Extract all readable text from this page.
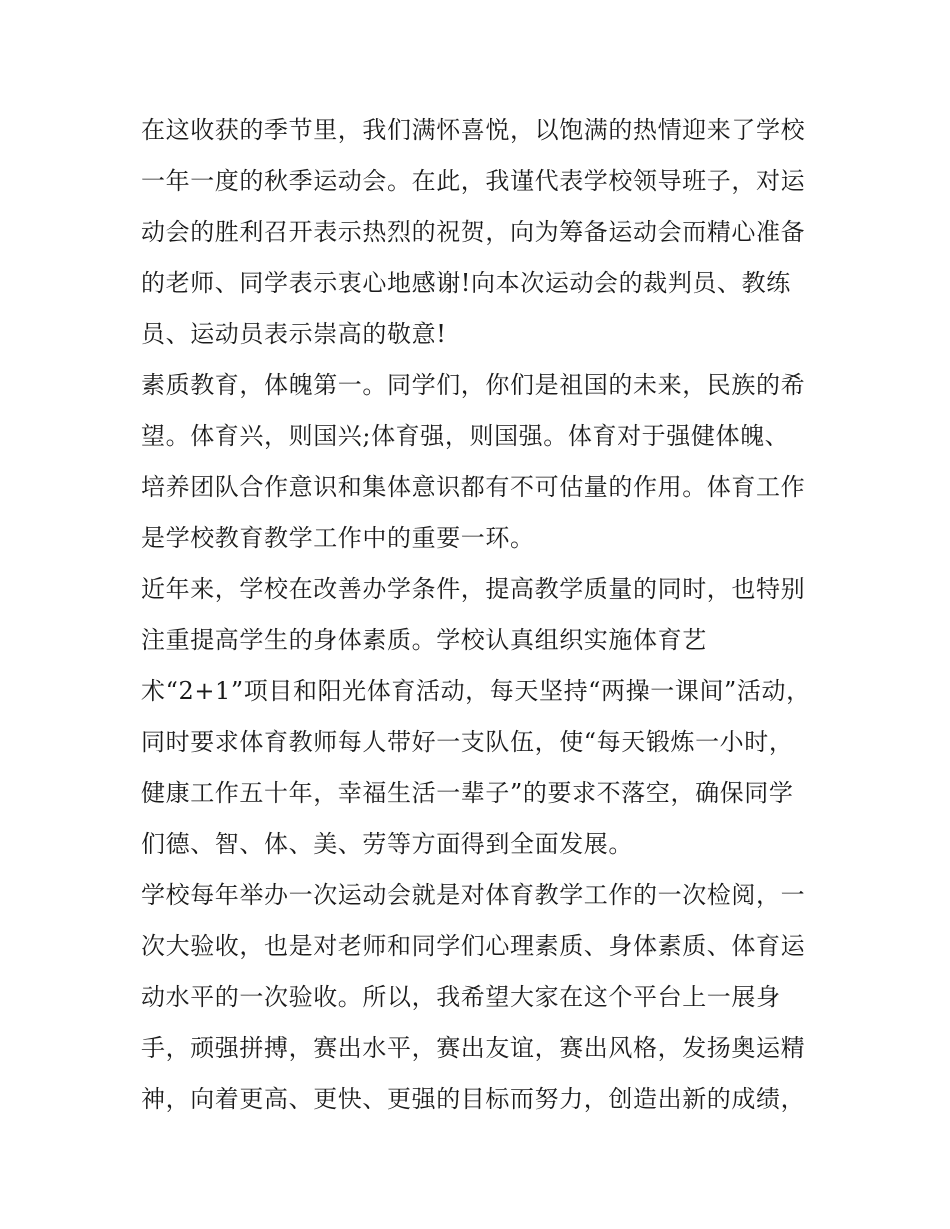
在这收获的季节里，我们满怀喜悦，以饱满的热情迎来了学校
一年一度的秋季运动会。在此，我谨代表学校领导班子，对运
动会的胜利召开表示热烈的祝贺，向为筹备运动会而精心准备
的老师、同学表示衷心地感谢!向本次运动会的裁判员、教练
员、运动员表示崇高的敬意!
素质教育，体魄第一。同学们，你们是祖国的未来，民族的希
望。体育兴，则国兴;体育强，则国强。体育对于强健体魄、
培养团队合作意识和集体意识都有不可估量的作用。体育工作
是学校教育教学工作中的重要一环。
近年来，学校在改善办学条件，提高教学质量的同时，也特别
注重提高学生的身体素质。学校认真组织实施体育艺
术“2+1”项目和阳光体育活动，每天坚持“两操一课间”活动，
同时要求体育教师每人带好一支队伍，使“每天锻炼一小时，
健康工作五十年，幸福生活一辈子”的要求不落空，确保同学
们德、智、体、美、劳等方面得到全面发展。
学校每年举办一次运动会就是对体育教学工作的一次检阅，一
次大验收，也是对老师和同学们心理素质、身体素质、体育运
动水平的一次验收。所以，我希望大家在这个平台上一展身
手，顽强拼搏，赛出水平，赛出友谊，赛出风格，发扬奥运精
神，向着更高、更快、更强的目标而努力，创造出新的成绩，
